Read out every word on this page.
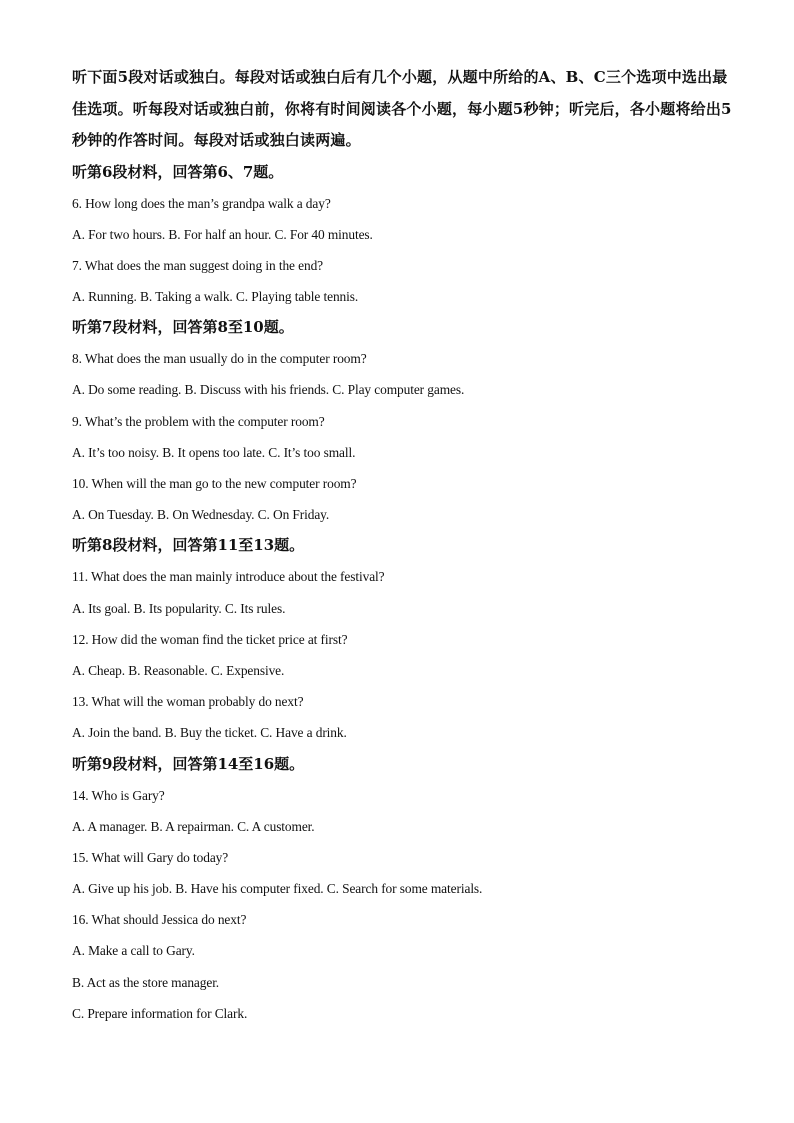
听下面5段对话或独白。每段对话或独白后有几个小题，从题中所给的A、B、C三个选项中选出最佳选项。听每段对话或独白前，你将有时间阅读各个小题，每小题5秒钟；听完后，各小题将给出5秒钟的作答时间。每段对话或独白读两遍。

听第6段材料，回答第6、7题。

6. How long does the man’s grandpa walk a day?

A. For two hours. B. For half an hour. C. For 40 minutes.

7. What does the man suggest doing in the end?

A. Running. B. Taking a walk. C. Playing table tennis.

听第7段材料，回答第8至10题。

8. What does the man usually do in the computer room?

A. Do some reading. B. Discuss with his friends. C. Play computer games.

9. What’s the problem with the computer room?

A. It’s too noisy. B. It opens too late. C. It’s too small.

10. When will the man go to the new computer room?

A. On Tuesday. B. On Wednesday. C. On Friday.

听第8段材料，回答第11至13题。

11. What does the man mainly introduce about the festival?

A. Its goal. B. Its popularity. C. Its rules.

12. How did the woman find the ticket price at first?

A. Cheap. B. Reasonable. C. Expensive.

13. What will the woman probably do next?

A. Join the band. B. Buy the ticket. C. Have a drink.

听第9段材料，回答第14至16题。

14. Who is Gary?

A. A manager. B. A repairman. C. A customer.

15. What will Gary do today?

A. Give up his job. B. Have his computer fixed. C. Search for some materials.

16. What should Jessica do next?

A. Make a call to Gary.

B. Act as the store manager.

C. Prepare information for Clark.
